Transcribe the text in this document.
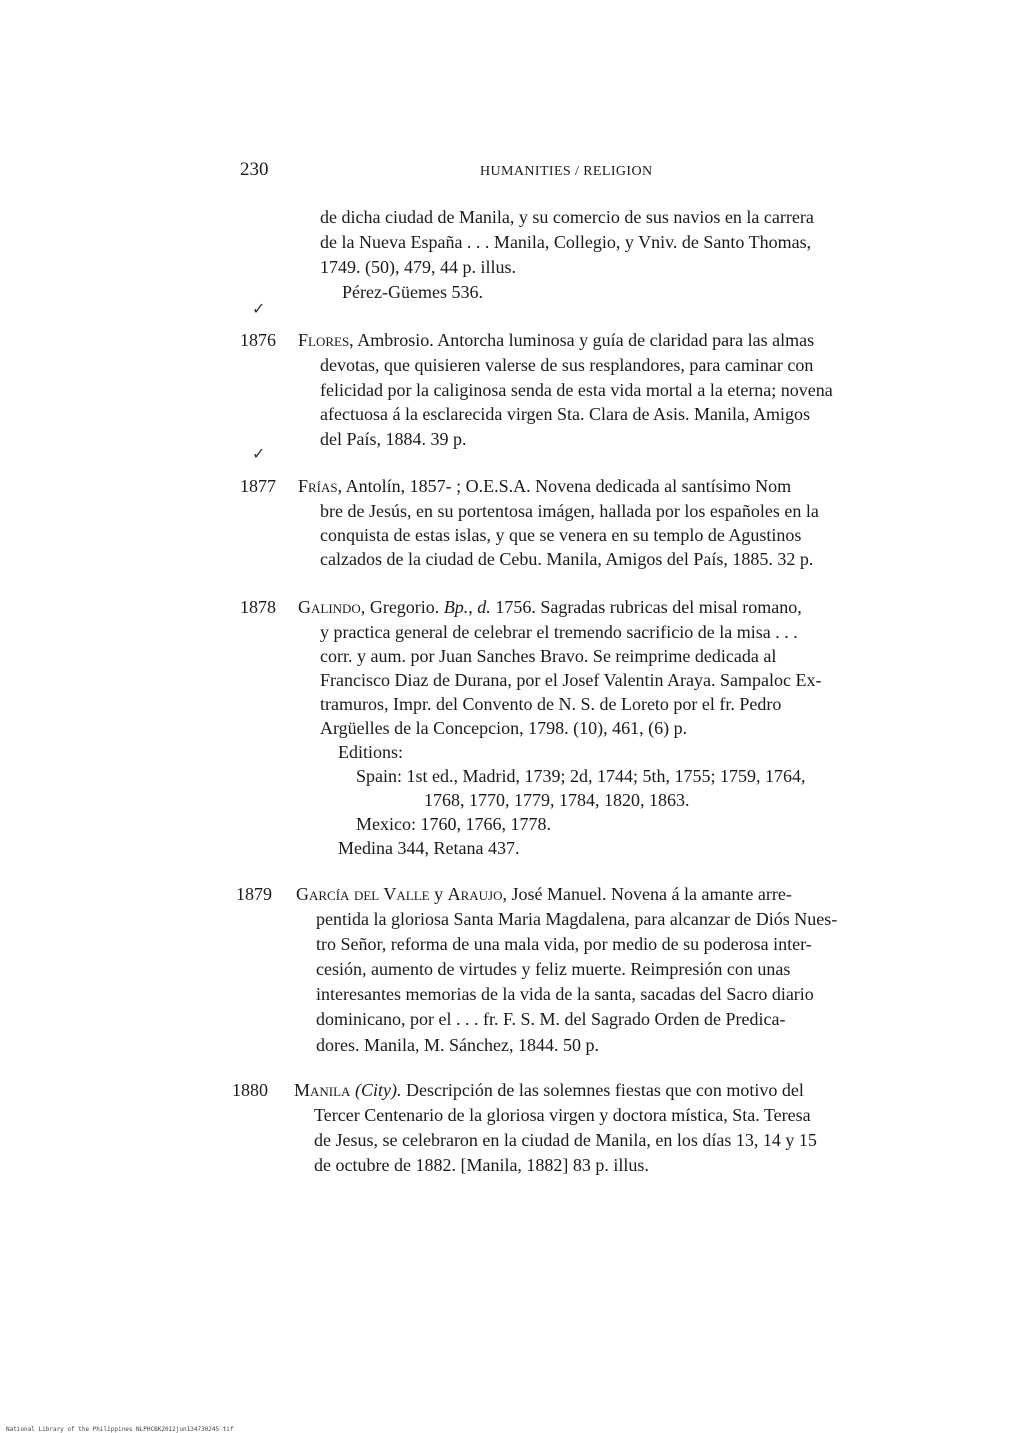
230	HUMANITIES / RELIGION
de dicha ciudad de Manila, y su comercio de sus navios en la carrera
de la Nueva España . . . Manila, Collegio, y Vniv. de Santo Thomas,
1749. (50), 479, 44 p. illus.
Pérez-Güemes 536.
✓
✓
1876 Flores, Ambrosio. Antorcha luminosa y guía de claridad para las almas
devotas, que quisieren valerse de sus resplandores, para caminar con
felicidad por la caliginosa senda de esta vida mortal a la eterna; novena
afectuosa á la esclarecida virgen Sta. Clara de Asis. Manila, Amigos
del País, 1884. 39 p.
1877 Frías, Antolín, 1857- ; O.E.S.A. Novena dedicada al santísimo Nom
bre de Jesús, en su portentosa imágen, hallada por los españoles en la
conquista de estas islas, y que se venera en su templo de Agustinos
calzados de la ciudad de Cebu. Manila, Amigos del País, 1885. 32 p.
1878 Galindo, Gregorio. Bp., d. 1756. Sagradas rubricas del misal romano,
y practica general de celebrar el tremendo sacrificio de la misa . . .
corr. y aum. por Juan Sanches Bravo. Se reimprime dedicada al
Francisco Diaz de Durana, por el Josef Valentin Araya. Sampaloc Ex-
tramuros, Impr. del Convento de N. S. de Loreto por el fr. Pedro
Argüelles de la Concepcion, 1798. (10), 461, (6) p.
Editions:
Spain: 1st ed., Madrid, 1739; 2d, 1744; 5th, 1755; 1759, 1764,
1768, 1770, 1779, 1784, 1820, 1863.
Mexico: 1760, 1766, 1778.
Medina 344, Retana 437.
1879 García del Valle y Araujo, José Manuel. Novena á la amante arre-
pentida la gloriosa Santa Maria Magdalena, para alcanzar de Diós Nues-
tro Señor, reforma de una mala vida, por medio de su poderosa inter-
cesión, aumento de virtudes y feliz muerte. Reimpresión con unas
interesantes memorias de la vida de la santa, sacadas del Sacro diario
dominicano, por el . . . fr. F. S. M. del Sagrado Orden de Predica-
dores. Manila, M. Sánchez, 1844. 50 p.
1880 Manila (City). Descripción de las solemnes fiestas que con motivo del
Tercer Centenario de la gloriosa virgen y doctora mística, Sta. Teresa
de Jesus, se celebraron en la ciudad de Manila, en los días 13, 14 y 15
de octubre de 1882. [Manila, 1882] 83 p. illus.
National Library of the Philippines NLPHCBK2012jun134730245 tif
